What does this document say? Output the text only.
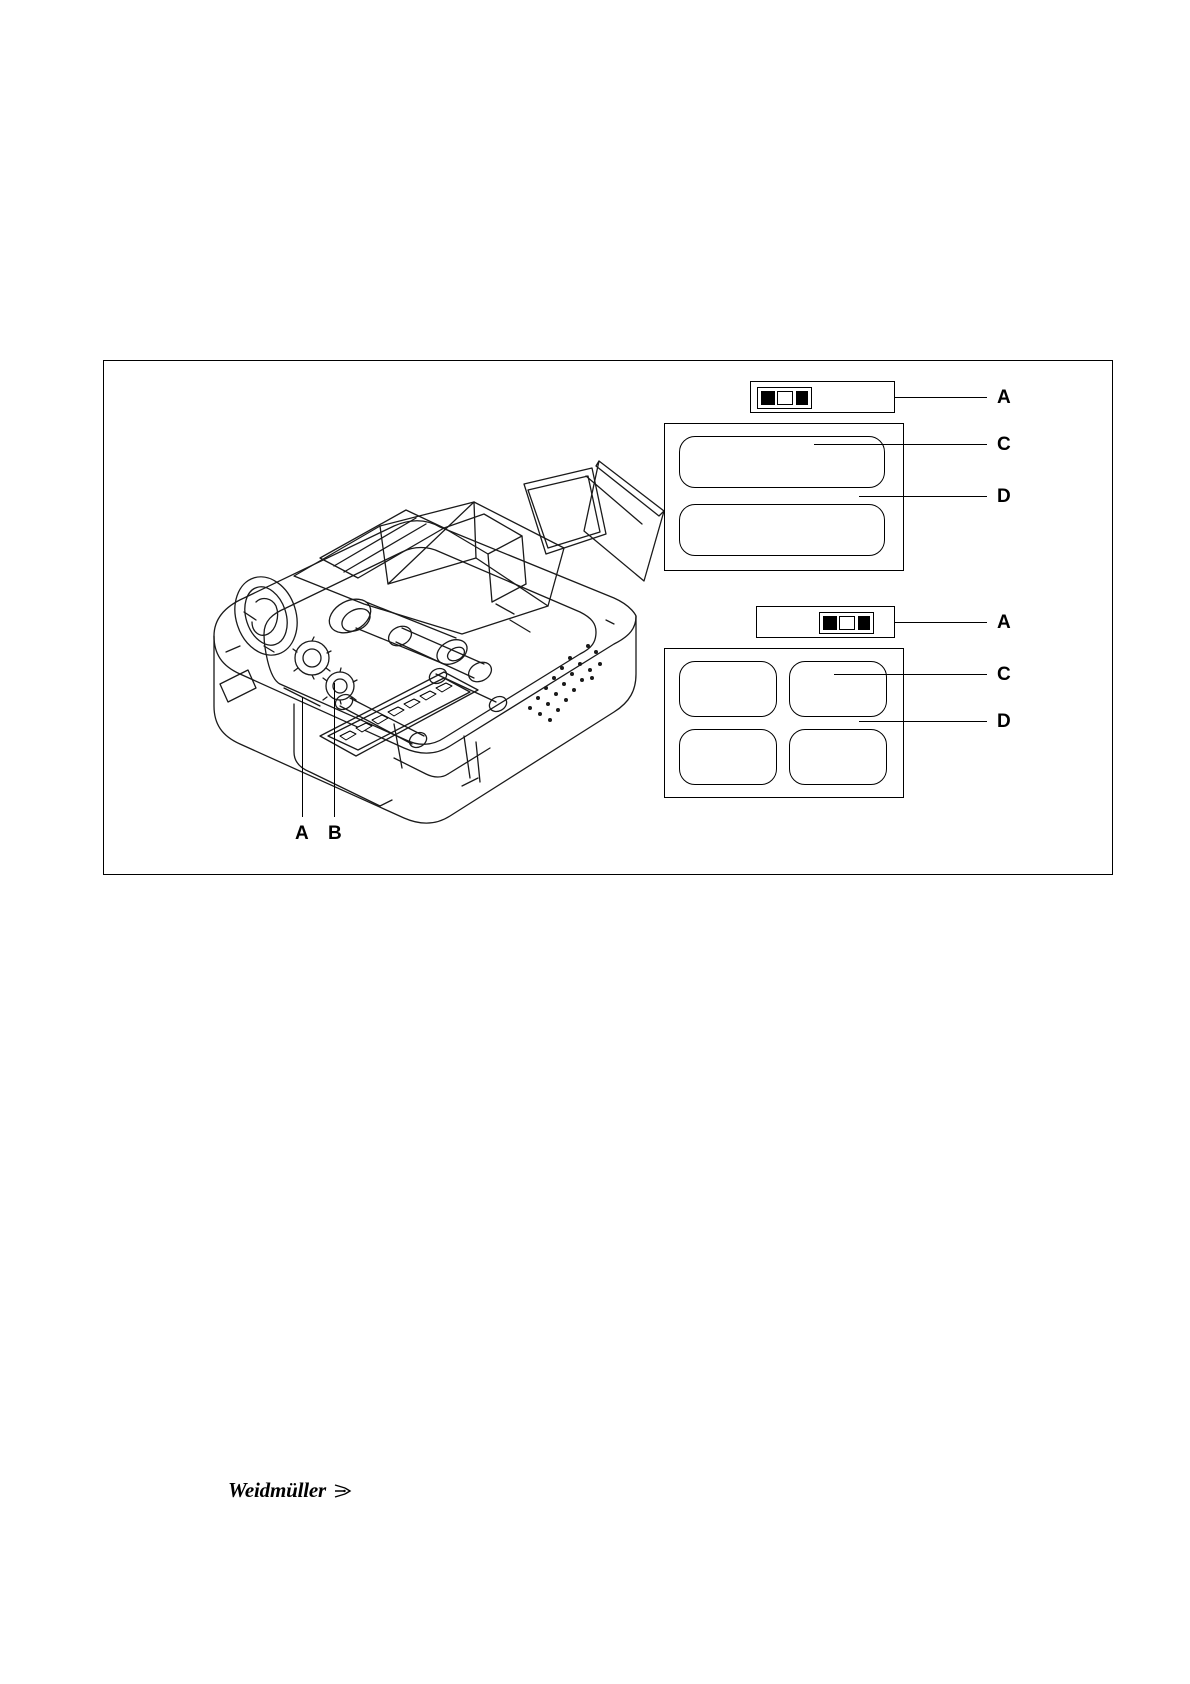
A B
A
C
D
A
C
D
Weidmüller
